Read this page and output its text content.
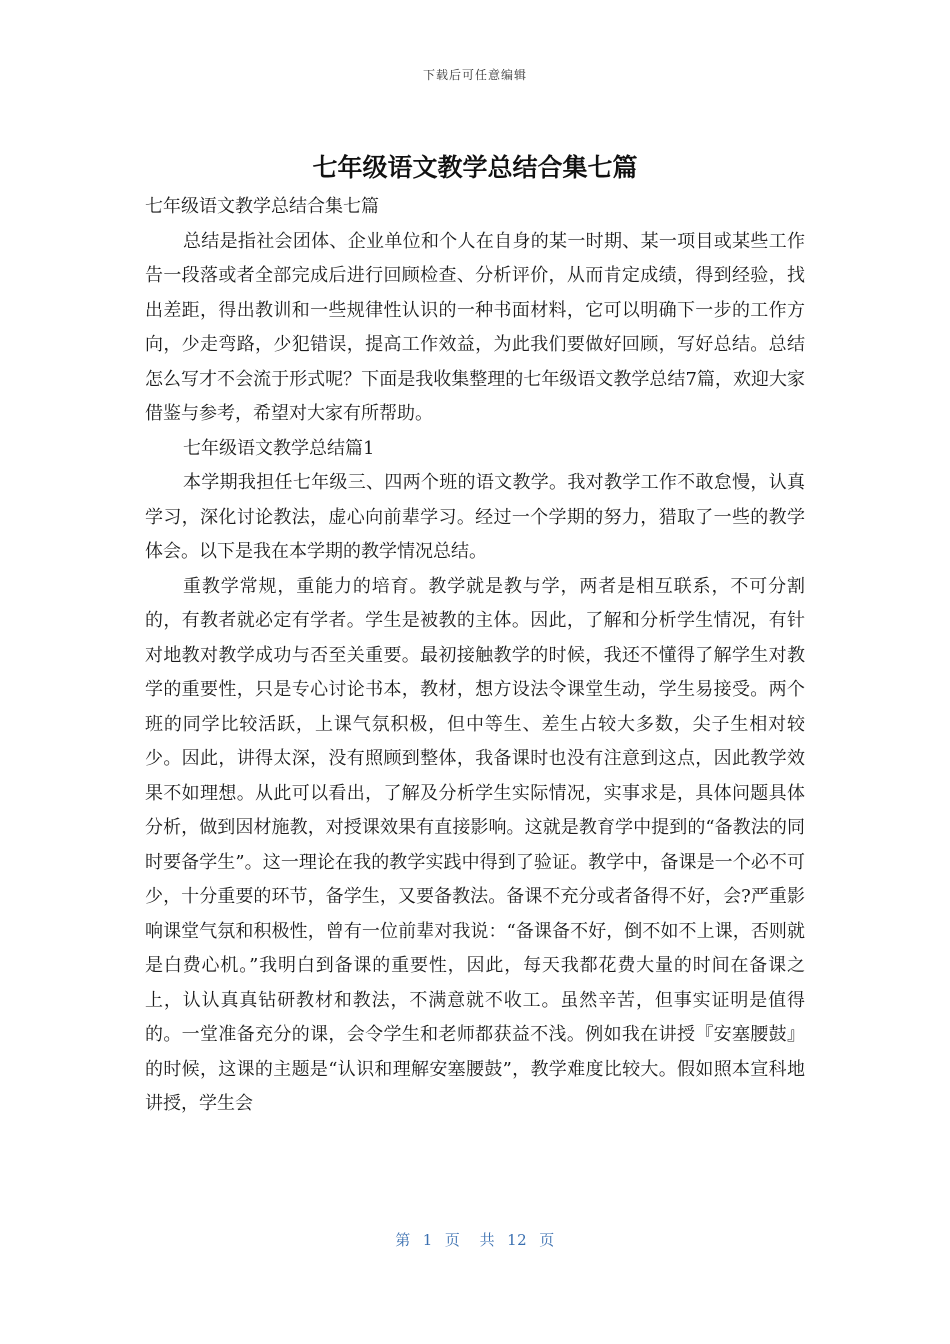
下载后可任意编辑
七年级语文教学总结合集七篇

七年级语文教学总结合集七篇

总结是指社会团体、企业单位和个人在自身的某一时期、某一项目或某些工作告一段落或者全部完成后进行回顾检查、分析评价，从而肯定成绩，得到经验，找出差距，得出教训和一些规律性认识的一种书面材料，它可以明确下一步的工作方向，少走弯路，少犯错误，提高工作效益，为此我们要做好回顾，写好总结。总结怎么写才不会流于形式呢？下面是我收集整理的七年级语文教学总结7篇，欢迎大家借鉴与参考，希望对大家有所帮助。

七年级语文教学总结篇1

本学期我担任七年级三、四两个班的语文教学。我对教学工作不敢怠慢，认真学习，深化讨论教法，虚心向前辈学习。经过一个学期的努力，猎取了一些的教学体会。以下是我在本学期的教学情况总结。

重教学常规，重能力的培育。教学就是教与学，两者是相互联系，不可分割的，有教者就必定有学者。学生是被教的主体。因此，了解和分析学生情况，有针对地教对教学成功与否至关重要。最初接触教学的时候，我还不懂得了解学生对教学的重要性，只是专心讨论书本，教材，想方设法令课堂生动，学生易接受。两个班的同学比较活跃，上课气氛积极，但中等生、差生占较大多数，尖子生相对较少。因此，讲得太深，没有照顾到整体，我备课时也没有注意到这点，因此教学效果不如理想。从此可以看出，了解及分析学生实际情况，实事求是，具体问题具体分析，做到因材施教，对授课效果有直接影响。这就是教育学中提到的“备教法的同时要备学生”。这一理论在我的教学实践中得到了验证。教学中，备课是一个必不可少，十分重要的环节，备学生，又要备教法。备课不充分或者备得不好，会?严重影响课堂气氛和积极性，曾有一位前辈对我说：“备课备不好，倒不如不上课，否则就是白费心机。”我明白到备课的重要性，因此，每天我都花费大量的时间在备课之上，认认真真钻研教材和教法，不满意就不收工。虽然辛苦，但事实证明是值得的。一堂准备充分的课，会令学生和老师都获益不浅。例如我在讲授『安塞腰鼓』的时候，这课的主题是“认识和理解安塞腰鼓”，教学难度比较大。假如照本宣科地讲授，学生会

第 1 页 共 12 页
